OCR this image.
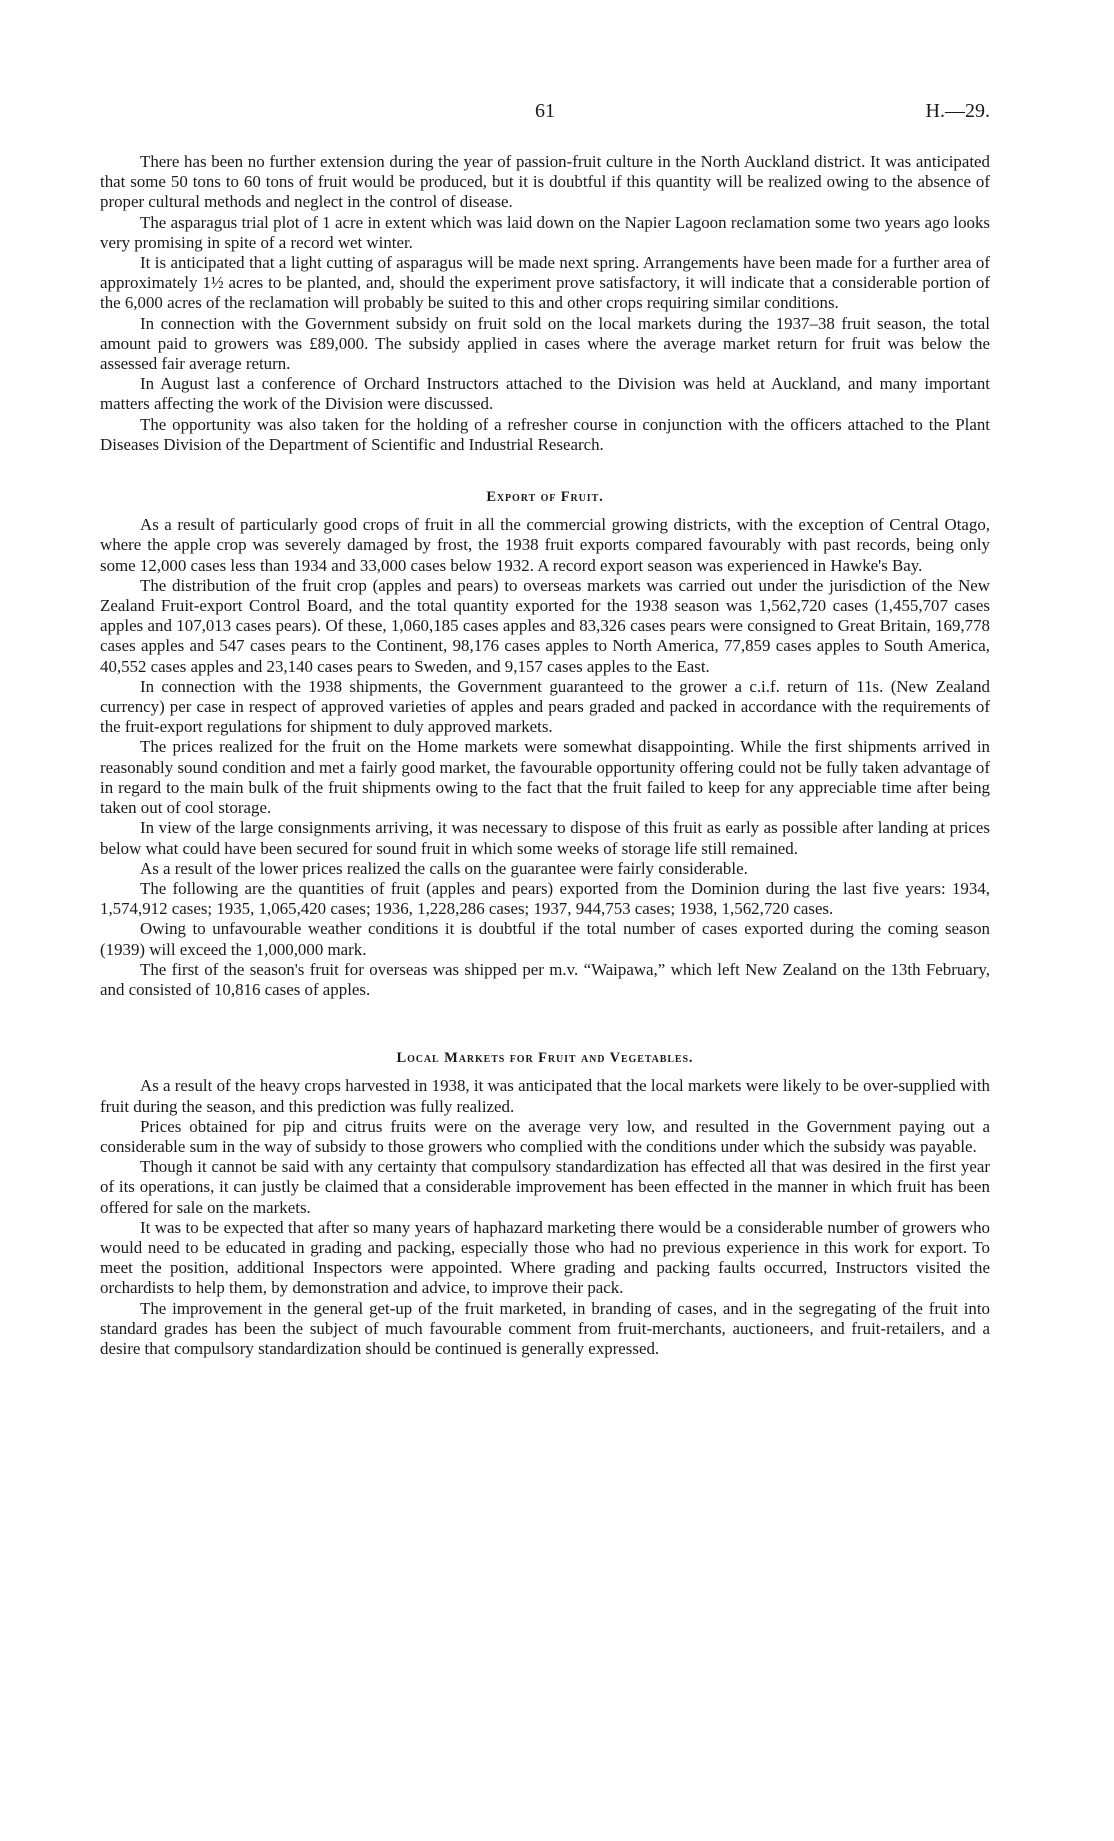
61	H.—29.

There has been no further extension during the year of passion-fruit culture in the North Auckland district. It was anticipated that some 50 tons to 60 tons of fruit would be produced, but it is doubtful if this quantity will be realized owing to the absence of proper cultural methods and neglect in the control of disease.

The asparagus trial plot of 1 acre in extent which was laid down on the Napier Lagoon reclamation some two years ago looks very promising in spite of a record wet winter.

It is anticipated that a light cutting of asparagus will be made next spring. Arrangements have been made for a further area of approximately 1½ acres to be planted, and, should the experiment prove satisfactory, it will indicate that a considerable portion of the 6,000 acres of the reclamation will probably be suited to this and other crops requiring similar conditions.

In connection with the Government subsidy on fruit sold on the local markets during the 1937–38 fruit season, the total amount paid to growers was £89,000. The subsidy applied in cases where the average market return for fruit was below the assessed fair average return.

In August last a conference of Orchard Instructors attached to the Division was held at Auckland, and many important matters affecting the work of the Division were discussed.

The opportunity was also taken for the holding of a refresher course in conjunction with the officers attached to the Plant Diseases Division of the Department of Scientific and Industrial Research.

Export of Fruit.

As a result of particularly good crops of fruit in all the commercial growing districts, with the exception of Central Otago, where the apple crop was severely damaged by frost, the 1938 fruit exports compared favourably with past records, being only some 12,000 cases less than 1934 and 33,000 cases below 1932. A record export season was experienced in Hawke's Bay.

The distribution of the fruit crop (apples and pears) to overseas markets was carried out under the jurisdiction of the New Zealand Fruit-export Control Board, and the total quantity exported for the 1938 season was 1,562,720 cases (1,455,707 cases apples and 107,013 cases pears). Of these, 1,060,185 cases apples and 83,326 cases pears were consigned to Great Britain, 169,778 cases apples and 547 cases pears to the Continent, 98,176 cases apples to North America, 77,859 cases apples to South America, 40,552 cases apples and 23,140 cases pears to Sweden, and 9,157 cases apples to the East.

In connection with the 1938 shipments, the Government guaranteed to the grower a c.i.f. return of 11s. (New Zealand currency) per case in respect of approved varieties of apples and pears graded and packed in accordance with the requirements of the fruit-export regulations for shipment to duly approved markets.

The prices realized for the fruit on the Home markets were somewhat disappointing. While the first shipments arrived in reasonably sound condition and met a fairly good market, the favourable opportunity offering could not be fully taken advantage of in regard to the main bulk of the fruit shipments owing to the fact that the fruit failed to keep for any appreciable time after being taken out of cool storage.

In view of the large consignments arriving, it was necessary to dispose of this fruit as early as possible after landing at prices below what could have been secured for sound fruit in which some weeks of storage life still remained.

As a result of the lower prices realized the calls on the guarantee were fairly considerable.

The following are the quantities of fruit (apples and pears) exported from the Dominion during the last five years: 1934, 1,574,912 cases; 1935, 1,065,420 cases; 1936, 1,228,286 cases; 1937, 944,753 cases; 1938, 1,562,720 cases.

Owing to unfavourable weather conditions it is doubtful if the total number of cases exported during the coming season (1939) will exceed the 1,000,000 mark.

The first of the season's fruit for overseas was shipped per m.v. “Waipawa,” which left New Zealand on the 13th February, and consisted of 10,816 cases of apples.

Local Markets for Fruit and Vegetables.

As a result of the heavy crops harvested in 1938, it was anticipated that the local markets were likely to be over-supplied with fruit during the season, and this prediction was fully realized.

Prices obtained for pip and citrus fruits were on the average very low, and resulted in the Government paying out a considerable sum in the way of subsidy to those growers who complied with the conditions under which the subsidy was payable.

Though it cannot be said with any certainty that compulsory standardization has effected all that was desired in the first year of its operations, it can justly be claimed that a considerable improvement has been effected in the manner in which fruit has been offered for sale on the markets.

It was to be expected that after so many years of haphazard marketing there would be a considerable number of growers who would need to be educated in grading and packing, especially those who had no previous experience in this work for export. To meet the position, additional Inspectors were appointed. Where grading and packing faults occurred, Instructors visited the orchardists to help them, by demonstration and advice, to improve their pack.

The improvement in the general get-up of the fruit marketed, in branding of cases, and in the segregating of the fruit into standard grades has been the subject of much favourable comment from fruit-merchants, auctioneers, and fruit-retailers, and a desire that compulsory standardization should be continued is generally expressed.
